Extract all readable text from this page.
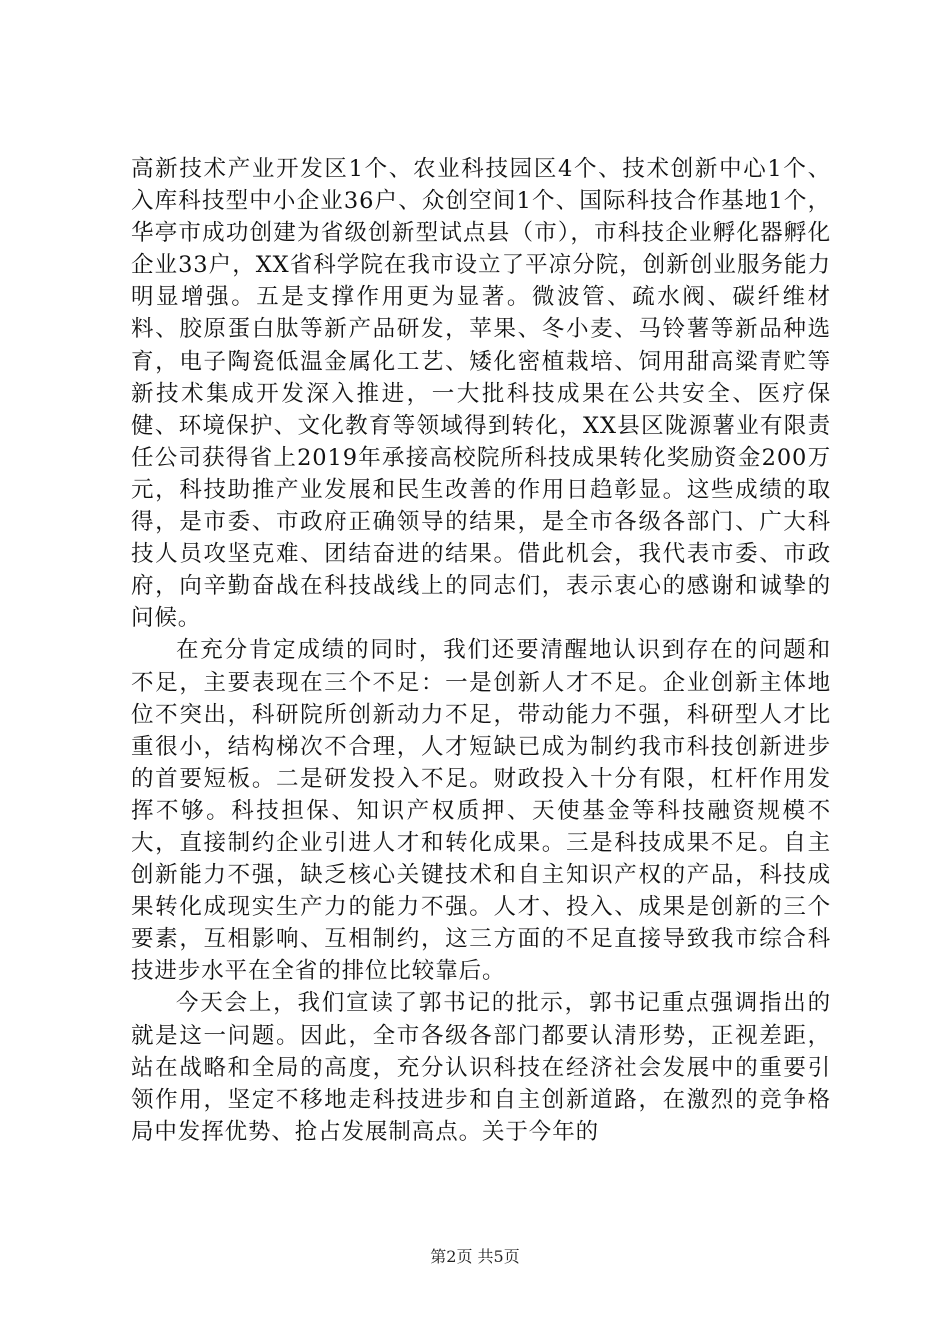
高新技术产业开发区1个、农业科技园区4个、技术创新中心1个、入库科技型中小企业36户、众创空间1个、国际科技合作基地1个，华亭市成功创建为省级创新型试点县（市），市科技企业孵化器孵化企业33户，XX省科学院在我市设立了平凉分院，创新创业服务能力明显增强。五是支撑作用更为显著。微波管、疏水阀、碳纤维材料、胶原蛋白肽等新产品研发，苹果、冬小麦、马铃薯等新品种选育，电子陶瓷低温金属化工艺、矮化密植栽培、饲用甜高粱青贮等新技术集成开发深入推进，一大批科技成果在公共安全、医疗保健、环境保护、文化教育等领域得到转化，XX县区陇源薯业有限责任公司获得省上2019年承接高校院所科技成果转化奖励资金200万元，科技助推产业发展和民生改善的作用日趋彰显。这些成绩的取得，是市委、市政府正确领导的结果，是全市各级各部门、广大科技人员攻坚克难、团结奋进的结果。借此机会，我代表市委、市政府，向辛勤奋战在科技战线上的同志们，表示衷心的感谢和诚挚的问候。

在充分肯定成绩的同时，我们还要清醒地认识到存在的问题和不足，主要表现在三个不足：一是创新人才不足。企业创新主体地位不突出，科研院所创新动力不足，带动能力不强，科研型人才比重很小，结构梯次不合理，人才短缺已成为制约我市科技创新进步的首要短板。二是研发投入不足。财政投入十分有限，杠杆作用发挥不够。科技担保、知识产权质押、天使基金等科技融资规模不大，直接制约企业引进人才和转化成果。三是科技成果不足。自主创新能力不强，缺乏核心关键技术和自主知识产权的产品，科技成果转化成现实生产力的能力不强。人才、投入、成果是创新的三个要素，互相影响、互相制约，这三方面的不足直接导致我市综合科技进步水平在全省的排位比较靠后。

今天会上，我们宣读了郭书记的批示，郭书记重点强调指出的就是这一问题。因此，全市各级各部门都要认清形势，正视差距，站在战略和全局的高度，充分认识科技在经济社会发展中的重要引领作用，坚定不移地走科技进步和自主创新道路，在激烈的竞争格局中发挥优势、抢占发展制高点。关于今年的

第2页 共5页
